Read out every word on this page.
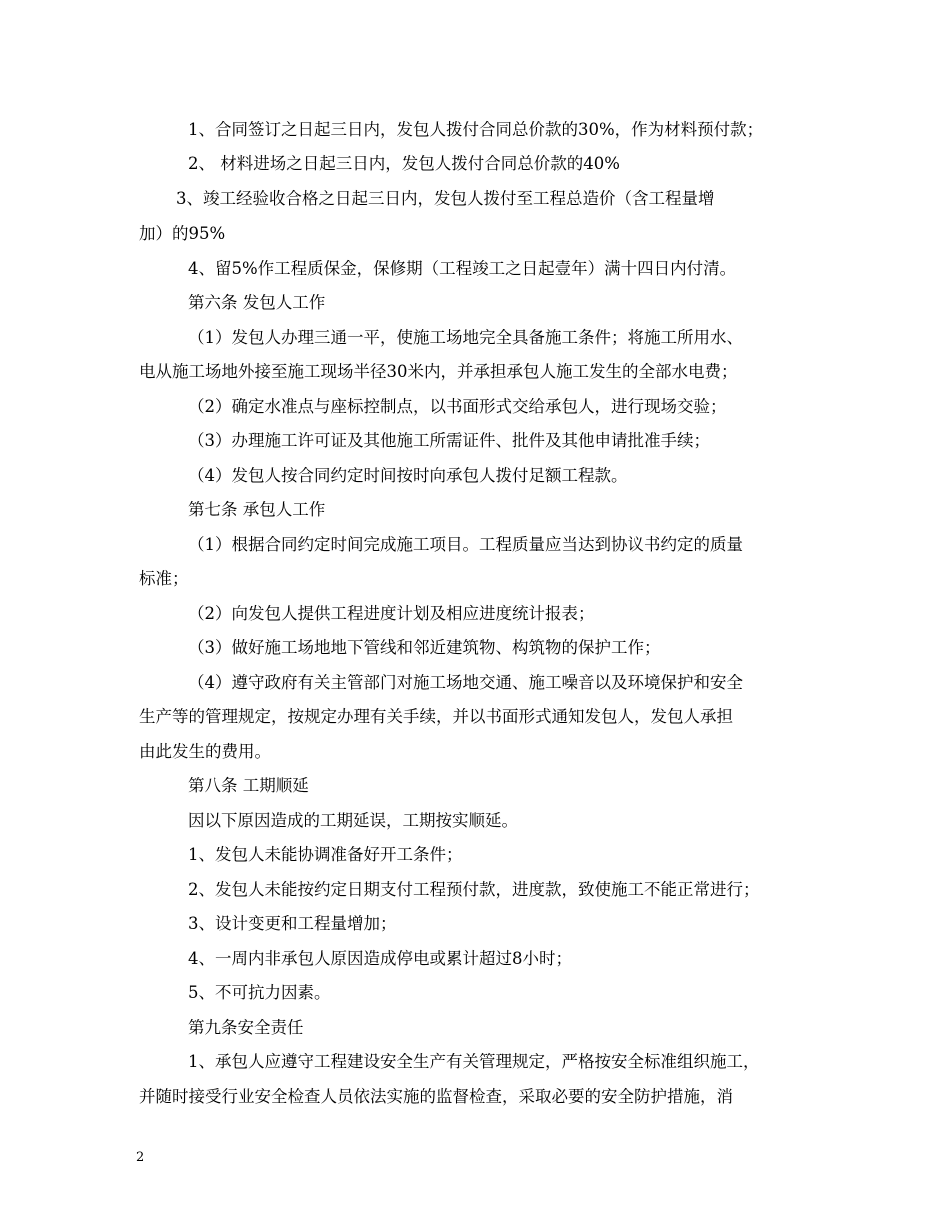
1、合同签订之日起三日内，发包人拨付合同总价款的30%，作为材料预付款；
2、 材料进场之日起三日内，发包人拨付合同总价款的40%
3、竣工经验收合格之日起三日内，发包人拨付至工程总造价（含工程量增
加）的95%
4、留5%作工程质保金，保修期（工程竣工之日起壹年）满十四日内付清。
第六条 发包人工作
（1）发包人办理三通一平，使施工场地完全具备施工条件；将施工所用水、
电从施工场地外接至施工现场半径30米内，并承担承包人施工发生的全部水电费；
（2）确定水准点与座标控制点，以书面形式交给承包人，进行现场交验；
（3）办理施工许可证及其他施工所需证件、批件及其他申请批准手续；
（4）发包人按合同约定时间按时向承包人拨付足额工程款。
第七条 承包人工作
（1）根据合同约定时间完成施工项目。工程质量应当达到协议书约定的质量
标准；
（2）向发包人提供工程进度计划及相应进度统计报表；
（3）做好施工场地地下管线和邻近建筑物、构筑物的保护工作；
（4）遵守政府有关主管部门对施工场地交通、施工噪音以及环境保护和安全
生产等的管理规定，按规定办理有关手续，并以书面形式通知发包人，发包人承担
由此发生的费用。
第八条 工期顺延
因以下原因造成的工期延误，工期按实顺延。
1、发包人未能协调准备好开工条件；
2、发包人未能按约定日期支付工程预付款，进度款，致使施工不能正常进行；
3、设计变更和工程量增加；
4、一周内非承包人原因造成停电或累计超过8小时；
5、不可抗力因素。
第九条安全责任
1、承包人应遵守工程建设安全生产有关管理规定，严格按安全标准组织施工，
并随时接受行业安全检查人员依法实施的监督检查，采取必要的安全防护措施，消
2
